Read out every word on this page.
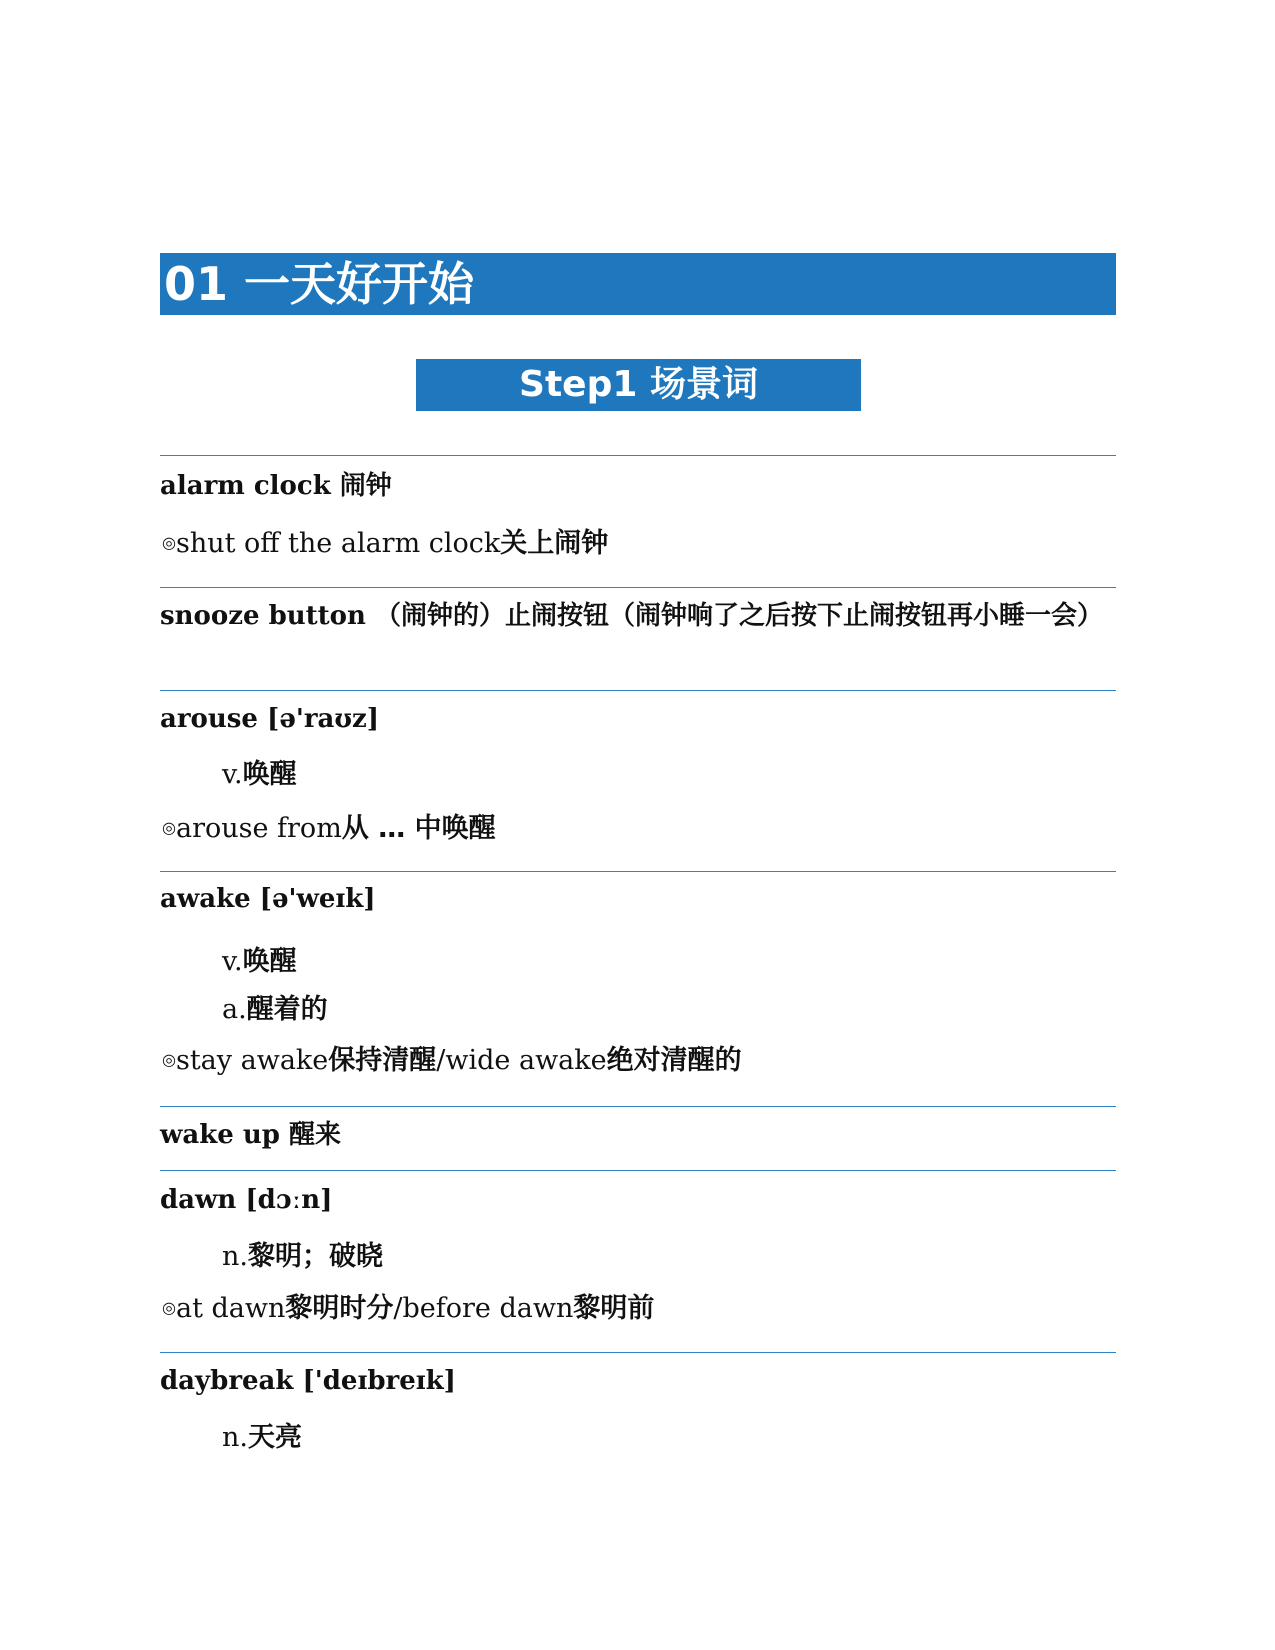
01 一天好开始
Step1 场景词
alarm clock 闹钟
◎shut off the alarm clock关上闹钟
snooze button （闹钟的）止闹按钮（闹钟响了之后按下止闹按钮再小睡一会）
arouse [ə'raʊz]
v.唤醒
◎arouse from从 … 中唤醒
awake [ə'weɪk]
v.唤醒
a.醒着的
◎stay awake保持清醒/wide awake绝对清醒的
wake up 醒来
dawn [dɔːn]
n.黎明；破晓
◎at dawn黎明时分/before dawn黎明前
daybreak ['deɪbreɪk]
n.天亮
